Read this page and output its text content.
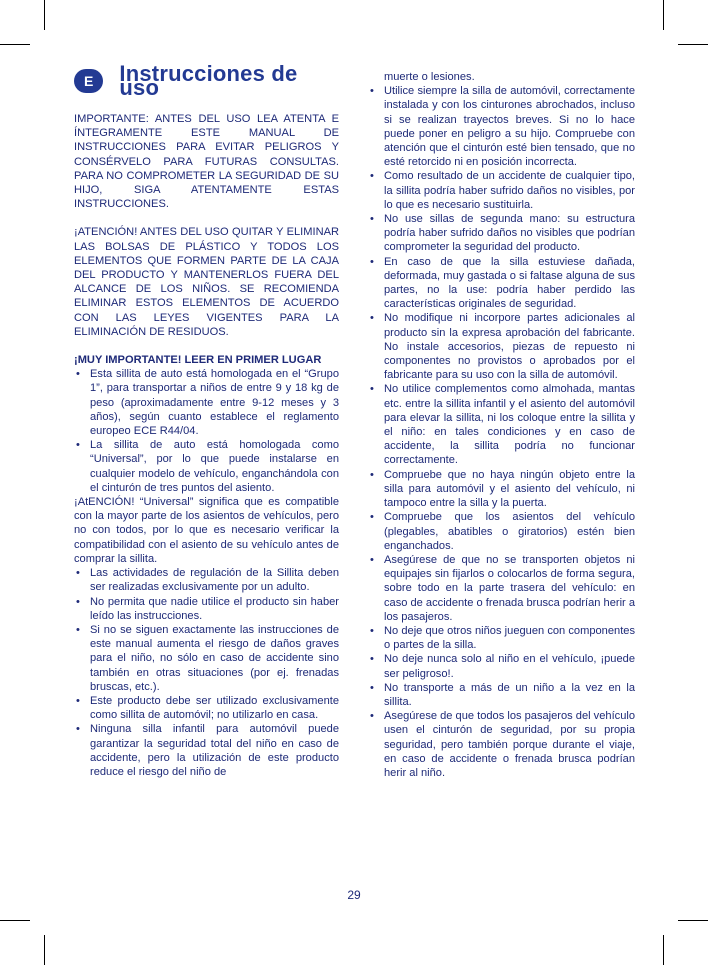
E	Instrucciones de uso

IMPORTANTE: ANTES DEL USO LEA ATENTA E ÍNTEGRAMENTE ESTE MANUAL DE INSTRUCCIONES PARA EVITAR PELIGROS Y CONSÉRVELO PARA FUTURAS CONSULTAS. PARA NO COMPROMETER LA SEGURIDAD DE SU HIJO, SIGA ATENTAMENTE ESTAS INSTRUCCIONES.

¡ATENCIÓN! ANTES DEL USO QUITAR Y ELIMINAR LAS BOLSAS DE PLÁSTICO Y TODOS LOS ELEMENTOS QUE FORMEN PARTE DE LA CAJA DEL PRODUCTO Y MANTENERLOS FUERA DEL ALCANCE DE LOS NIÑOS. SE RECOMIENDA ELIMINAR ESTOS ELEMENTOS DE ACUERDO CON LAS LEYES VIGENTES PARA LA ELIMINACIÓN DE RESIDUOS.

¡MUY IMPORTANTE! LEER EN PRIMER LUGAR

• Esta sillita de auto está homologada en el “Grupo 1”, para transportar a niños de entre 9 y 18 kg de peso (aproximadamente entre 9-12 meses y 3 años), según cuanto establece el reglamento europeo ECE R44/04.
• La sillita de auto está homologada como “Universal”, por lo que puede instalarse en cualquier modelo de vehículo, enganchándola con el cinturón de tres puntos del asiento.

¡AtENCIÓN! “Universal” significa que es compatible con la mayor parte de los asientos de vehículos, pero no con todos, por lo que es necesario verificar la compatibilidad con el asiento de su vehículo antes de comprar la sillita.

• Las actividades de regulación de la Sillita deben ser realizadas exclusivamente por un adulto.
• No permita que nadie utilice el producto sin haber leído las instrucciones.
• Si no se siguen exactamente las instrucciones de este manual aumenta el riesgo de daños graves para el niño, no sólo en caso de accidente sino también en otras situaciones (por ej. frenadas bruscas, etc.).
• Este producto debe ser utilizado exclusivamente como sillita de automóvil; no utilizarlo en casa.
• Ninguna silla infantil para automóvil puede garantizar la seguridad total del niño en caso de accidente, pero la utilización de este producto reduce el riesgo del niño de
muerte o lesiones.
• Utilice siempre la silla de automóvil, correctamente instalada y con los cinturones abrochados, incluso si se realizan trayectos breves. Si no lo hace puede poner en peligro a su hijo. Compruebe con atención que el cinturón esté bien tensado, que no esté retorcido ni en posición incorrecta.
• Como resultado de un accidente de cualquier tipo, la sillita podría haber sufrido daños no visibles, por lo que es necesario sustituirla.
• No use sillas de segunda mano: su estructura podría haber sufrido daños no visibles que podrían comprometer la seguridad del producto.
• En caso de que la silla estuviese dañada, deformada, muy gastada o si faltase alguna de sus partes, no la use: podría haber perdido las características originales de seguridad.
• No modifique ni incorpore partes adicionales al producto sin la expresa aprobación del fabricante. No instale accesorios, piezas de repuesto ni componentes no provistos o aprobados por el fabricante para su uso con la silla de automóvil.
• No utilice complementos como almohada, mantas etc. entre la sillita infantil y el asiento del automóvil para elevar la sillita, ni los coloque entre la sillita y el niño: en tales condiciones y en caso de accidente, la sillita podría no funcionar correctamente.
• Compruebe que no haya ningún objeto entre la silla para automóvil y el asiento del vehículo, ni tampoco entre la silla y la puerta.
• Compruebe que los asientos del vehículo (plegables, abatibles o giratorios) estén bien enganchados.
• Asegúrese de que no se transporten objetos ni equipajes sin fijarlos o colocarlos de forma segura, sobre todo en la parte trasera del vehículo: en caso de accidente o frenada brusca podrían herir a los pasajeros.
• No deje que otros niños jueguen con componentes o partes de la silla.
• No deje nunca solo al niño en el vehículo, ¡puede ser peligroso!.
• No transporte a más de un niño a la vez en la sillita.
• Asegúrese de que todos los pasajeros del vehículo usen el cinturón de seguridad, por su propia seguridad, pero también porque durante el viaje, en caso de accidente o frenada brusca podrían herir al niño.
29
